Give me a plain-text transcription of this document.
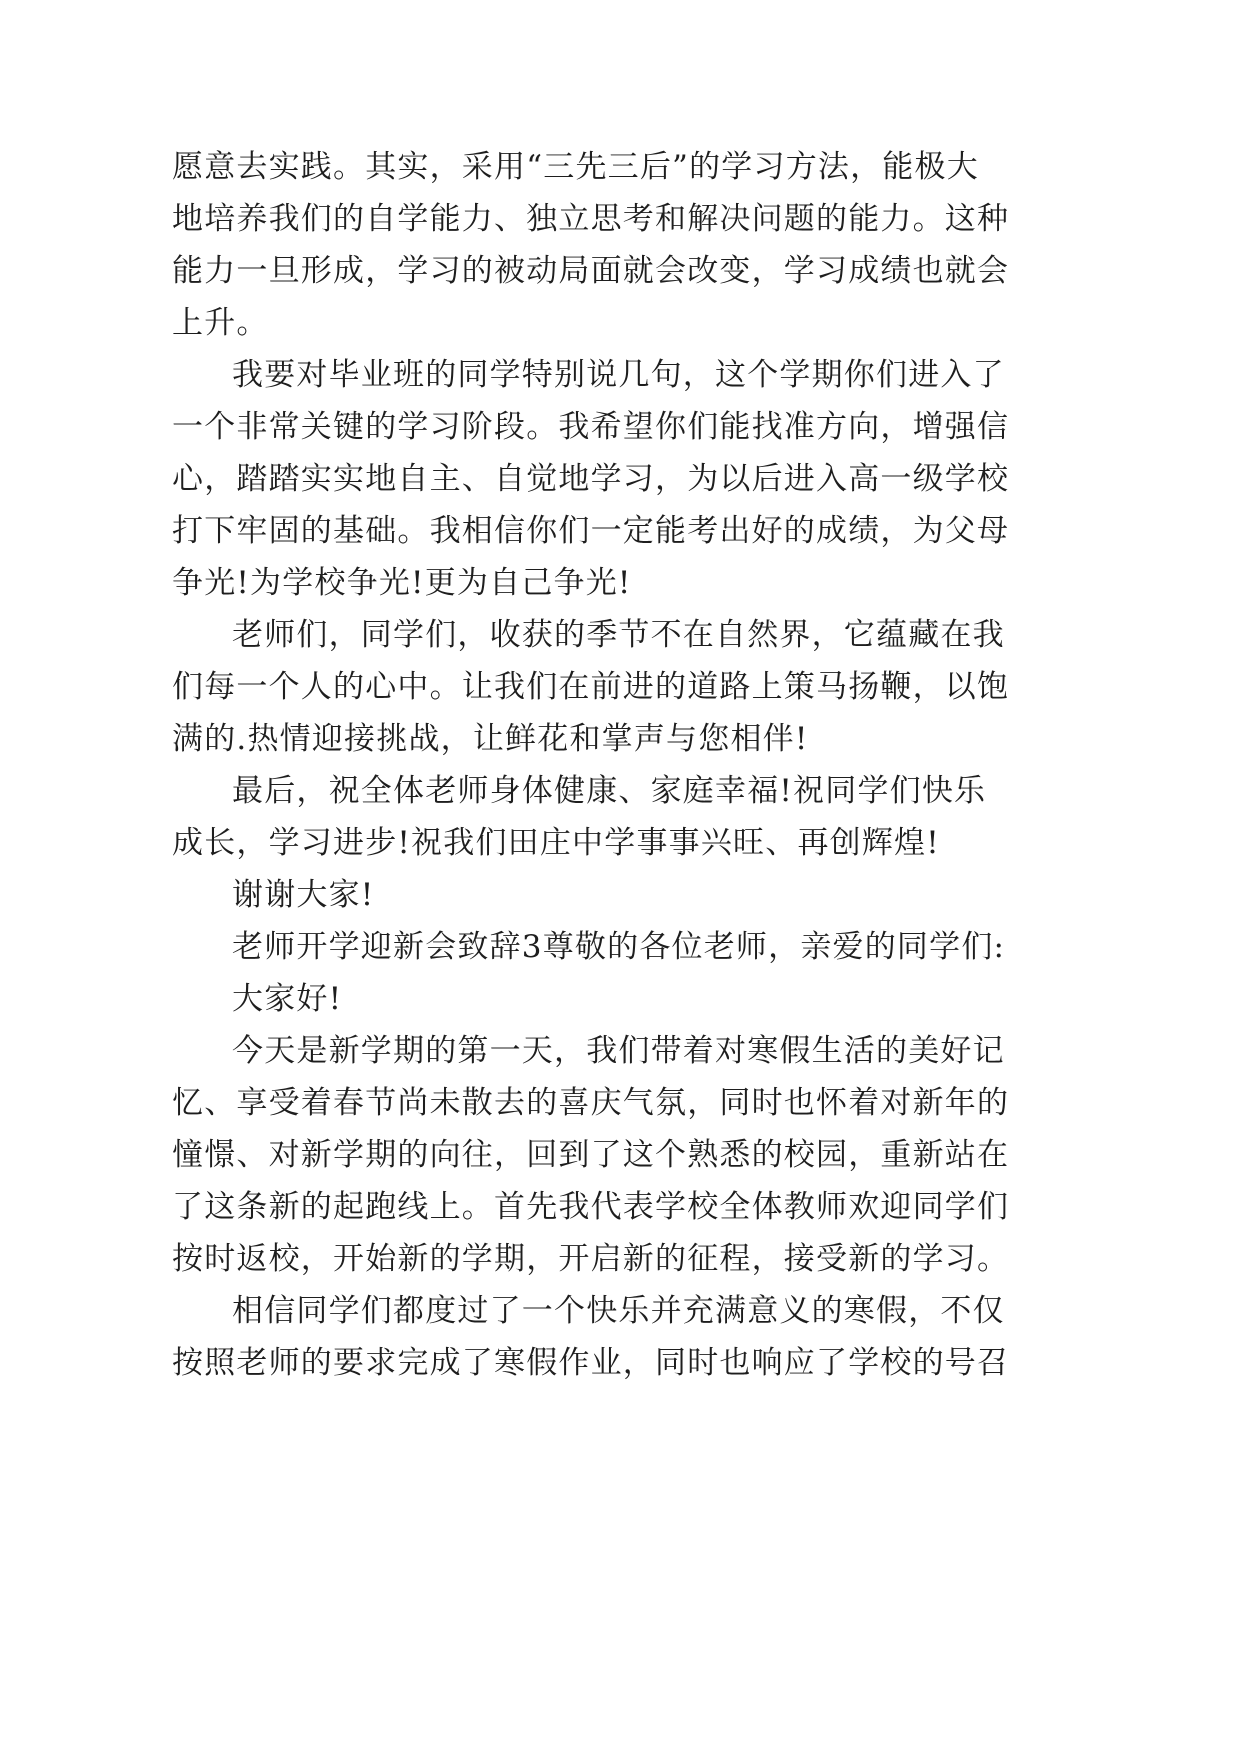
愿意去实践。其实，采用“三先三后”的学习方法，能极大
地培养我们的自学能力、独立思考和解决问题的能力。这种
能力一旦形成，学习的被动局面就会改变，学习成绩也就会
上升。
我要对毕业班的同学特别说几句，这个学期你们进入了
一个非常关键的学习阶段。我希望你们能找准方向，增强信
心，踏踏实实地自主、自觉地学习，为以后进入高一级学校
打下牢固的基础。我相信你们一定能考出好的成绩，为父母
争光!为学校争光!更为自己争光!
老师们，同学们，收获的季节不在自然界，它蕴藏在我
们每一个人的心中。让我们在前进的道路上策马扬鞭，以饱
满的.热情迎接挑战，让鲜花和掌声与您相伴!
最后，祝全体老师身体健康、家庭幸福!祝同学们快乐
成长，学习进步!祝我们田庄中学事事兴旺、再创辉煌!
谢谢大家!
老师开学迎新会致辞3尊敬的各位老师，亲爱的同学们:
大家好!
今天是新学期的第一天，我们带着对寒假生活的美好记
忆、享受着春节尚未散去的喜庆气氛，同时也怀着对新年的
憧憬、对新学期的向往，回到了这个熟悉的校园，重新站在
了这条新的起跑线上。首先我代表学校全体教师欢迎同学们
按时返校，开始新的学期，开启新的征程，接受新的学习。
相信同学们都度过了一个快乐并充满意义的寒假，不仅
按照老师的要求完成了寒假作业，同时也响应了学校的号召
